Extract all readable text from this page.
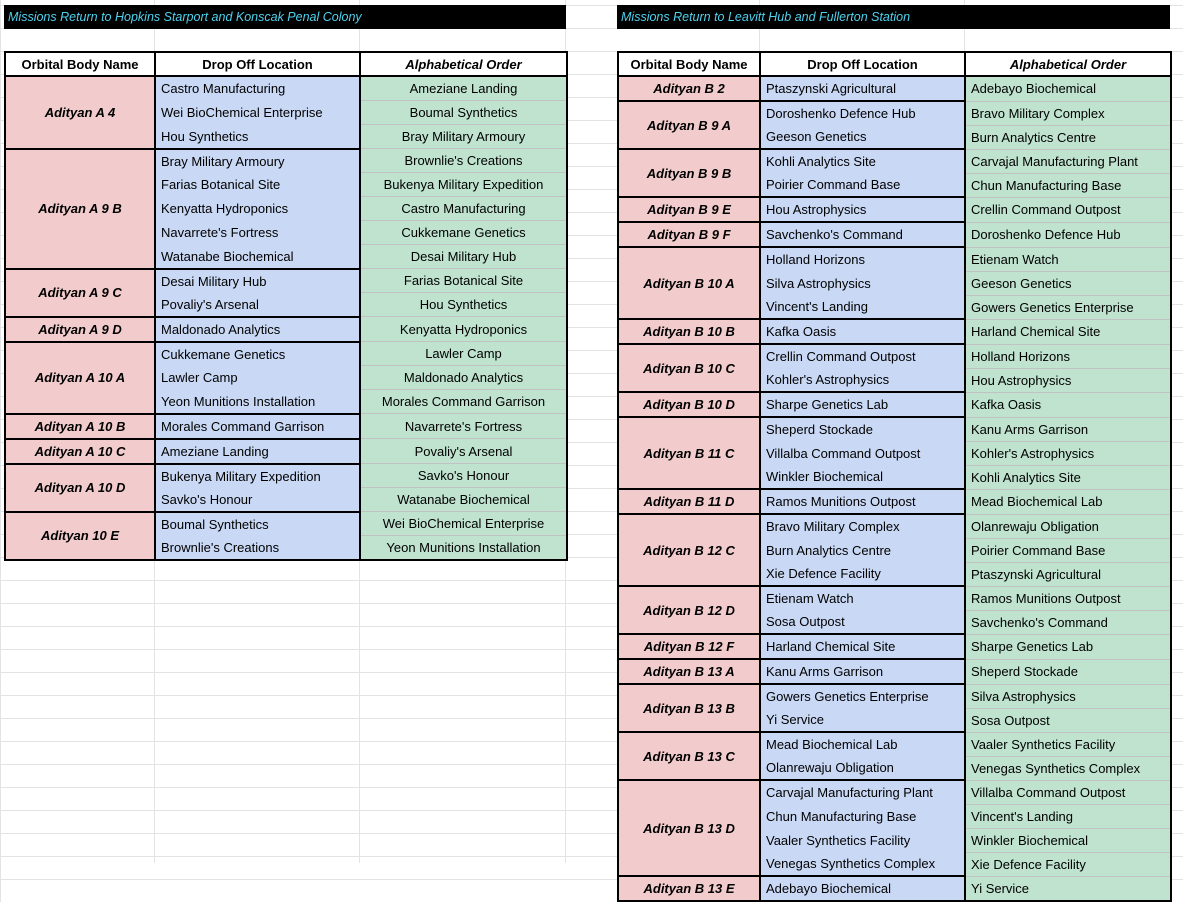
Missions Return to Hopkins Starport and Konscak Penal Colony
Orbital Body Name	Drop Off Location	Alphabetical Order
Adityan A 4	Castro Manufacturing	Ameziane Landing
	Wei BioChemical Enterprise	Boumal Synthetics
	Hou Synthetics	Bray Military Armoury
Adityan A 9 B	Bray Military Armoury	Brownlie's Creations
	Farias Botanical Site	Bukenya Military Expedition
	Kenyatta Hydroponics	Castro Manufacturing
	Navarrete's Fortress	Cukkemane Genetics
	Watanabe Biochemical	Desai Military Hub
Adityan A 9 C	Desai Military Hub	Farias Botanical Site
	Povaliy's Arsenal	Hou Synthetics
Adityan A 9 D	Maldonado Analytics	Kenyatta Hydroponics
Adityan A 10 A	Cukkemane Genetics	Lawler Camp
	Lawler Camp	Maldonado Analytics
	Yeon Munitions Installation	Morales Command Garrison
Adityan A 10 B	Morales Command Garrison	Navarrete's Fortress
Adityan A 10 C	Ameziane Landing	Povaliy's Arsenal
Adityan A 10 D	Bukenya Military Expedition	Savko's Honour
	Savko's Honour	Watanabe Biochemical
Adityan 10 E	Boumal Synthetics	Wei BioChemical Enterprise
	Brownlie's Creations	Yeon Munitions Installation
Missions Return to Leavitt Hub and Fullerton Station
Orbital Body Name	Drop Off Location	Alphabetical Order
Adityan B 2	Ptaszynski Agricultural	Adebayo Biochemical
Adityan B 9 A	Doroshenko Defence Hub	Bravo Military Complex
	Geeson Genetics	Burn Analytics Centre
Adityan B 9 B	Kohli Analytics Site	Carvajal Manufacturing Plant
	Poirier Command Base	Chun Manufacturing Base
Adityan B 9 E	Hou Astrophysics	Crellin Command Outpost
Adityan B 9 F	Savchenko's Command	Doroshenko Defence Hub
Adityan B 10 A	Holland Horizons	Etienam Watch
	Silva Astrophysics	Geeson Genetics
	Vincent's Landing	Gowers Genetics Enterprise
Adityan B 10 B	Kafka Oasis	Harland Chemical Site
Adityan B 10 C	Crellin Command Outpost	Holland Horizons
	Kohler's Astrophysics	Hou Astrophysics
Adityan B 10 D	Sharpe Genetics Lab	Kafka Oasis
Adityan B 11 C	Sheperd Stockade	Kanu Arms Garrison
	Villalba Command Outpost	Kohler's Astrophysics
	Winkler Biochemical	Kohli Analytics Site
Adityan B 11 D	Ramos Munitions Outpost	Mead Biochemical Lab
Adityan B 12 C	Bravo Military Complex	Olanrewaju Obligation
	Burn Analytics Centre	Poirier Command Base
	Xie Defence Facility	Ptaszynski Agricultural
Adityan B 12 D	Etienam Watch	Ramos Munitions Outpost
	Sosa Outpost	Savchenko's Command
Adityan B 12 F	Harland Chemical Site	Sharpe Genetics Lab
Adityan B 13 A	Kanu Arms Garrison	Sheperd Stockade
Adityan B 13 B	Gowers Genetics Enterprise	Silva Astrophysics
	Yi Service	Sosa Outpost
Adityan B 13 C	Mead Biochemical Lab	Vaaler Synthetics Facility
	Olanrewaju Obligation	Venegas Synthetics Complex
Adityan B 13 D	Carvajal Manufacturing Plant	Villalba Command Outpost
	Chun Manufacturing Base	Vincent's Landing
	Vaaler Synthetics Facility	Winkler Biochemical
	Venegas Synthetics Complex	Xie Defence Facility
Adityan B 13 E	Adebayo Biochemical	Yi Service
